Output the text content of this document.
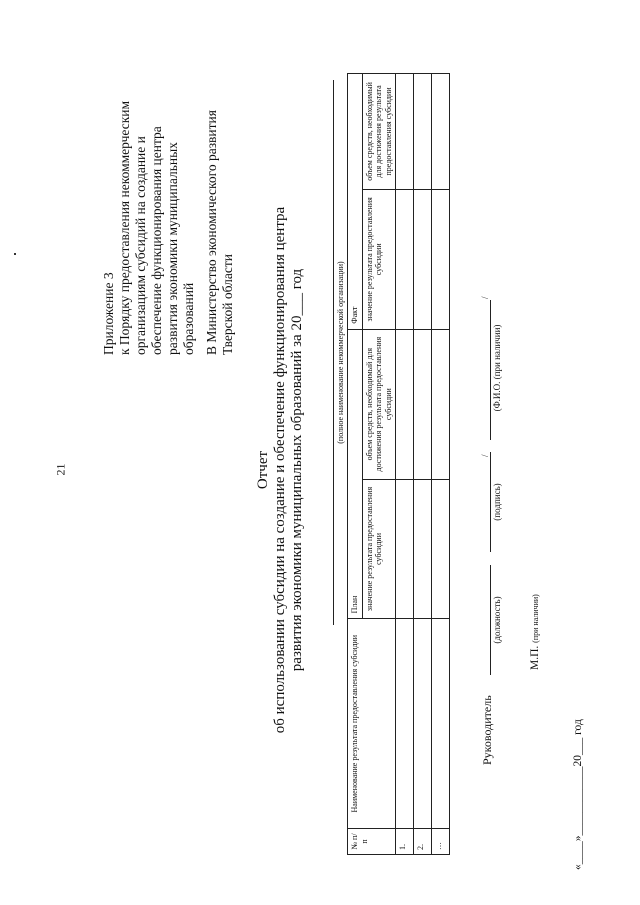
21
Приложение 3 к Порядку предоставления некоммерческим организациям субсидий на создание и обеспечение функционирования центра развития экономики муниципальных образований В Министерство экономического развития Тверской области
Отчет об использовании субсидии на создание и обеспечение функционирования центра развития экономики муниципальных образований за 20___ год	(полное наименование некоммерческой организации)
№ п/п	Наименование результата предоставления субсидии	План		Факт	
		значение результата предоставления субсидии	объем средств, необходимый для достижения результата предоставления субсидии	значение результата предоставления субсидии	объем средств, необходимый для достижения результата предоставления субсидии
1.					
2.					
…					
Руководитель
(должность)
/
(подпись)
/
(Ф.И.О. (при наличии)
М.П. (при наличии)
«____»____________20___ год
